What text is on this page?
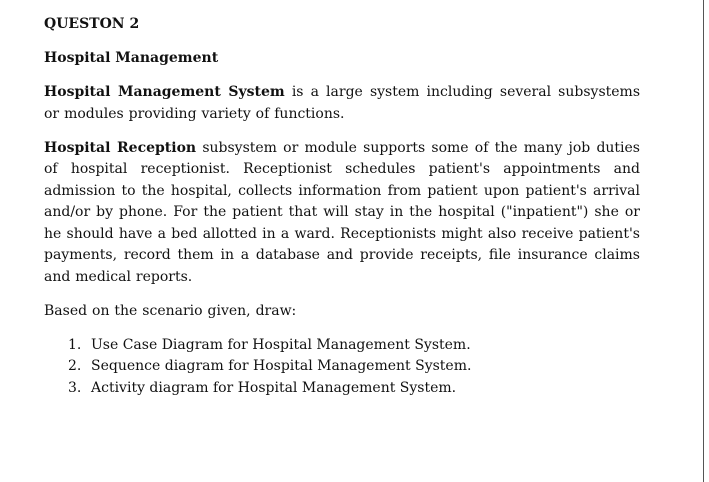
QUESTON 2
Hospital Management

Hospital Management System is a large system including several subsystems or modules providing variety of functions.

Hospital Reception subsystem or module supports some of the many job duties of hospital receptionist. Receptionist schedules patient's appointments and admission to the hospital, collects information from patient upon patient's arrival and/or by phone. For the patient that will stay in the hospital ("inpatient") she or he should have a bed allotted in a ward. Receptionists might also receive patient's payments, record them in a database and provide receipts, file insurance claims and medical reports.

Based on the scenario given, draw:

1. Use Case Diagram for Hospital Management System.
2. Sequence diagram for Hospital Management System.
3. Activity diagram for Hospital Management System.
